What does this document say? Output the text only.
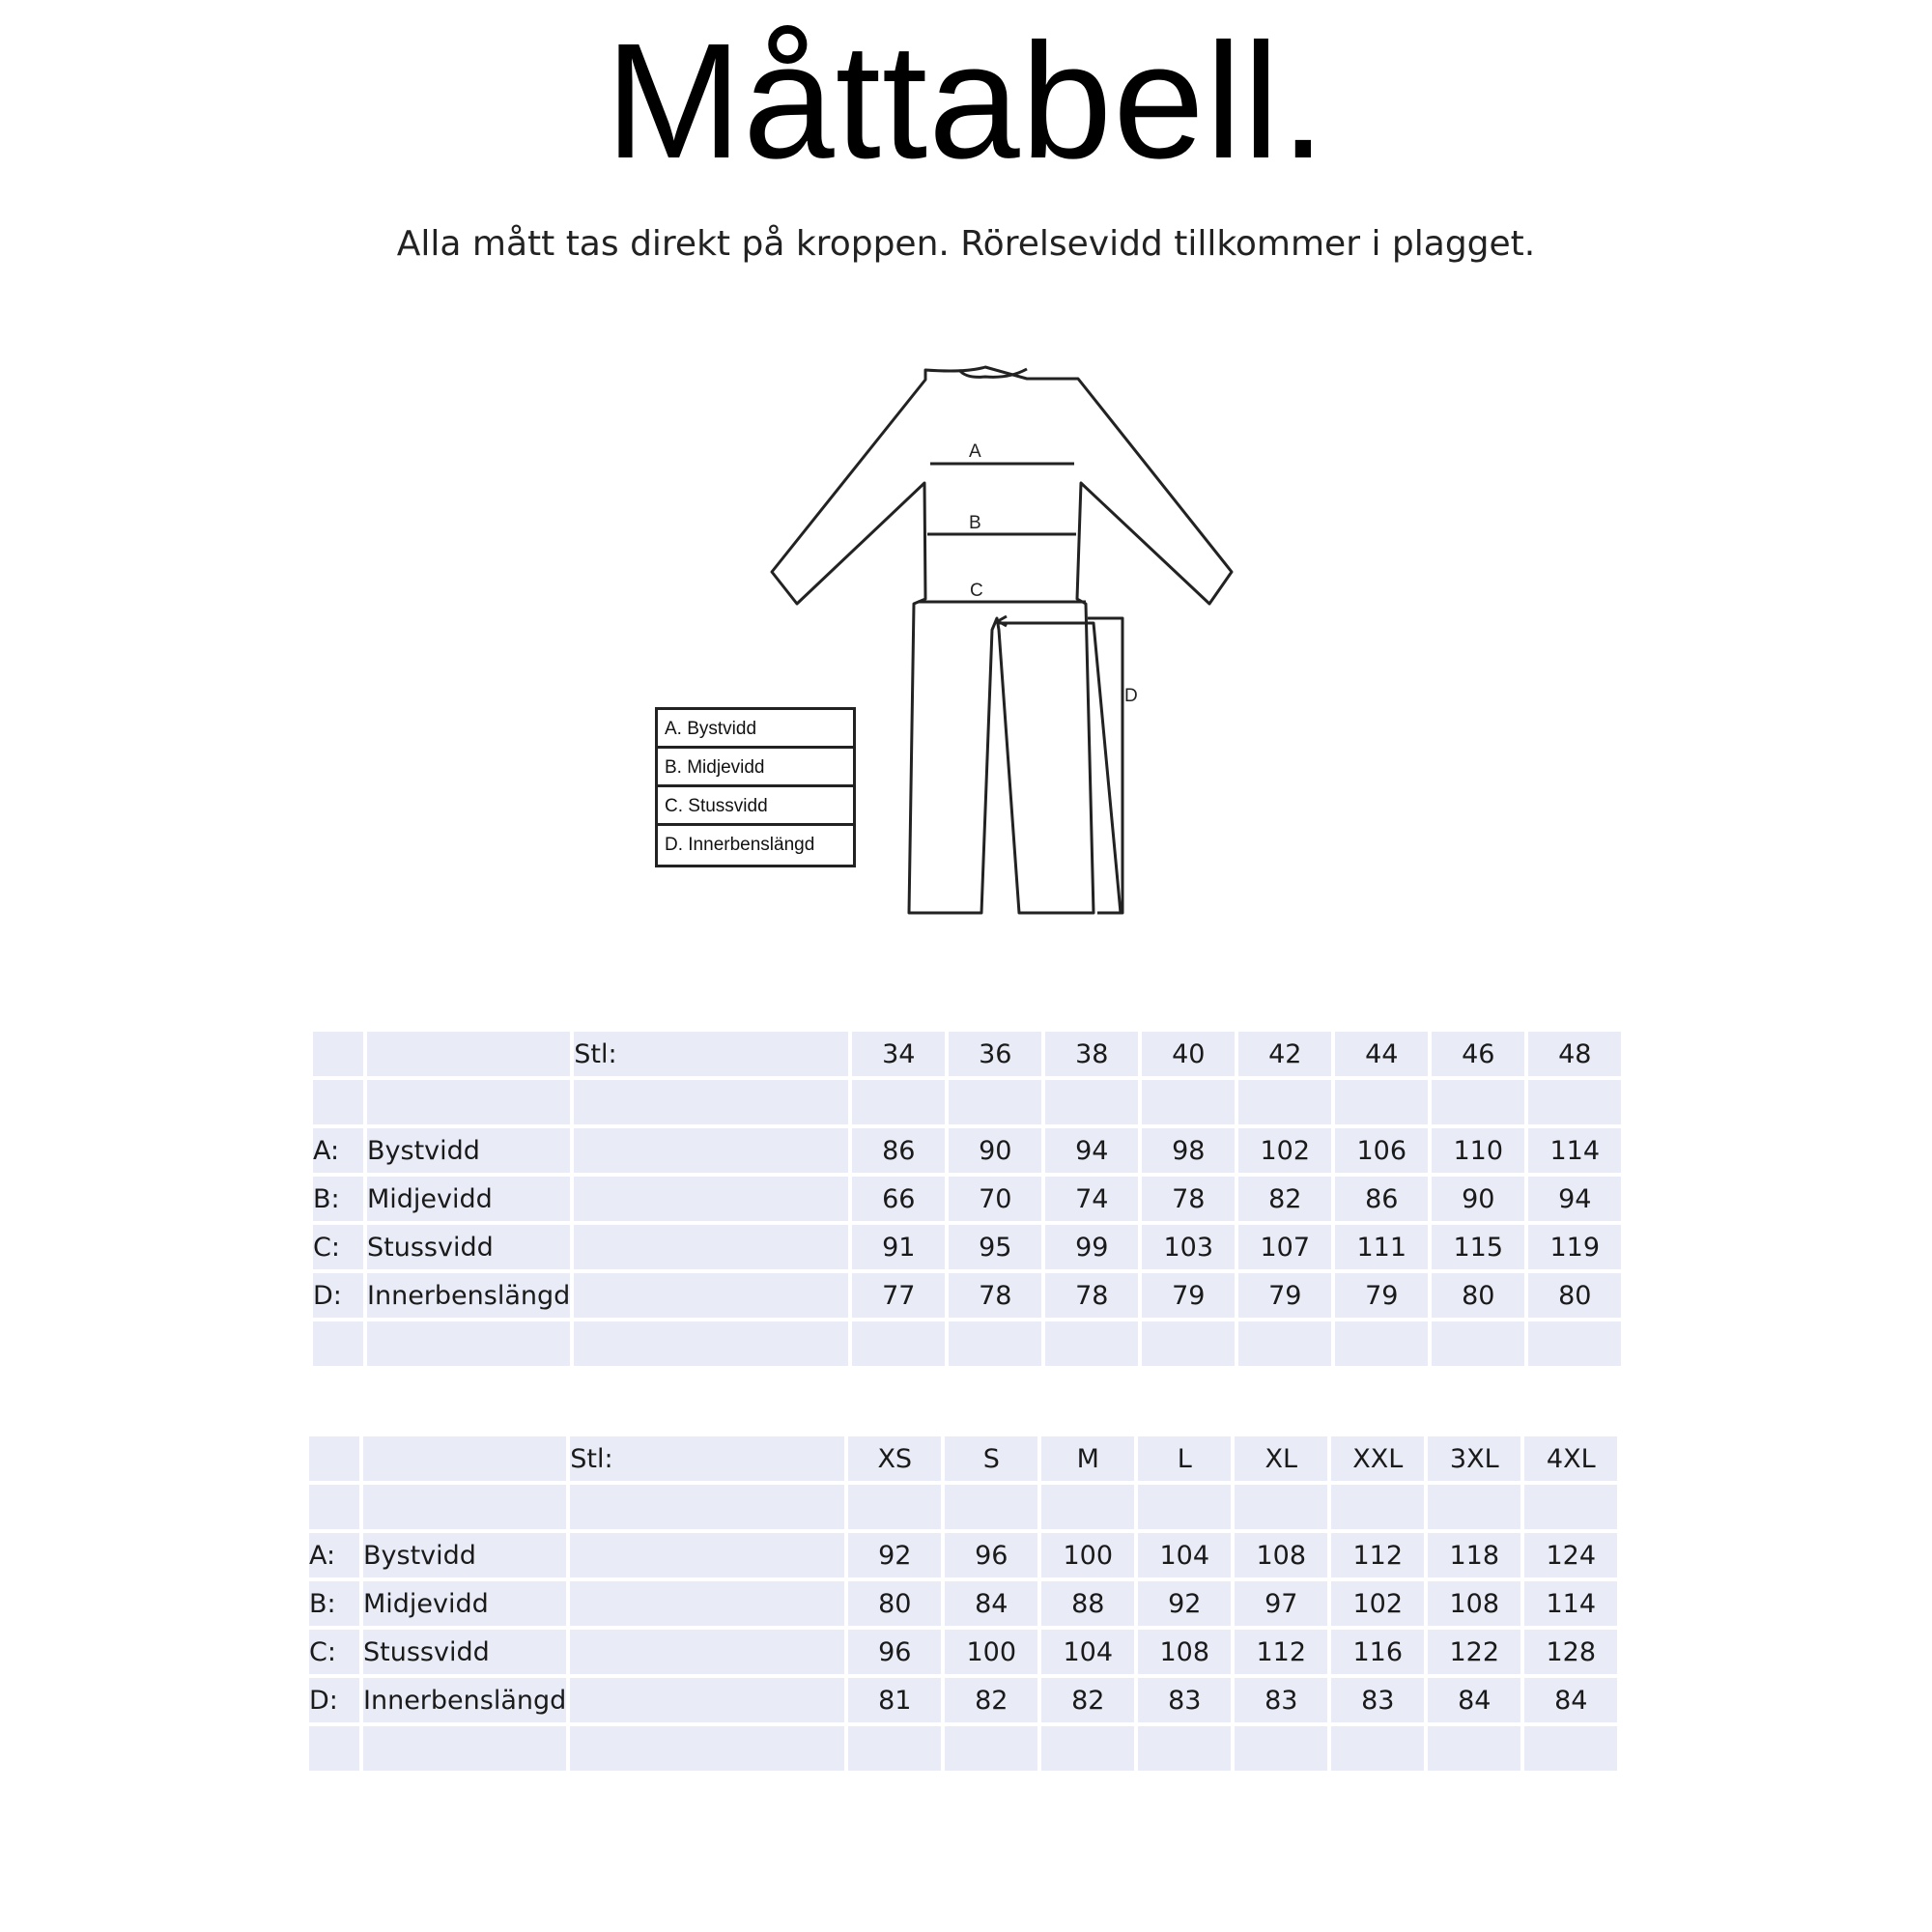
Måttabell.
Alla mått tas direkt på kroppen. Rörelsevidd tillkommer i plagget.
A
B
C
D
A. Bystvidd
B. Midjevidd
C. Stussvidd
D. Innerbenslängd
		Stl:	34	36	38	40	42	44	46	48

A:	Bystvidd		86	90	94	98	102	106	110	114
B:	Midjevidd		66	70	74	78	82	86	90	94
C:	Stussvidd		91	95	99	103	107	111	115	119
D:	Innerbenslängd		77	78	78	79	79	79	80	80

		Stl:	XS	S	M	L	XL	XXL	3XL	4XL

A:	Bystvidd		92	96	100	104	108	112	118	124
B:	Midjevidd		80	84	88	92	97	102	108	114
C:	Stussvidd		96	100	104	108	112	116	122	128
D:	Innerbenslängd		81	82	82	83	83	83	84	84
